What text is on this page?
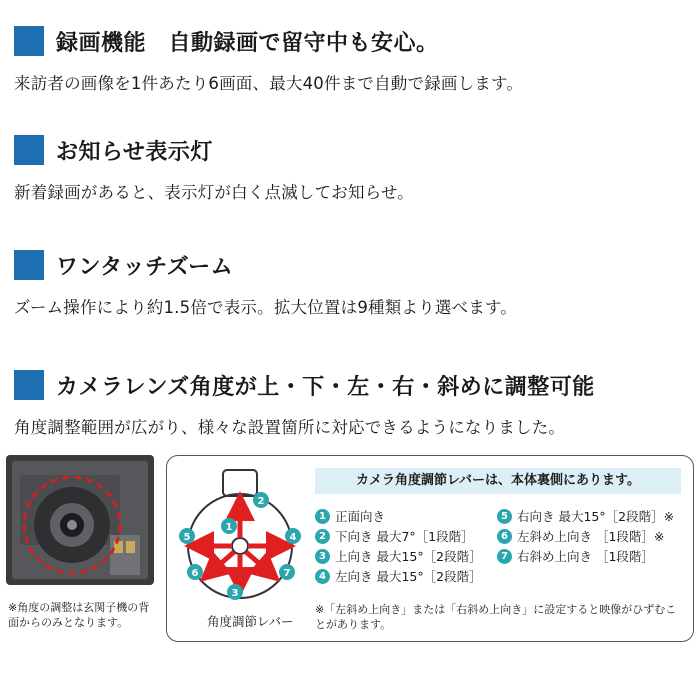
録画機能　自動録画で留守中も安心。
来訪者の画像を1件あたり6画面、最大40件まで自動で録画します。
お知らせ表示灯
新着録画があると、表示灯が白く点滅してお知らせ。
ワンタッチズーム
ズーム操作により約1.5倍で表示。拡大位置は9種類より選べます。
カメラレンズ角度が上・下・左・右・斜めに調整可能
角度調整範囲が広がり、様々な設置箇所に対応できるようになりました。
※角度の調整は玄関子機の背面からのみとなります。
1
2
3
4
5
6	7
角度調節レバー
カメラ角度調節レバーは、本体裏側にあります。
1 正面向き
2 下向き 最大7°［1段階］
3 上向き 最大15°［2段階］
4 左向き 最大15°［2段階］
5 右向き 最大15°［2段階］※
6 左斜め上向き ［1段階］※
7 右斜め上向き ［1段階］
※「左斜め上向き」または「右斜め上向き」に設定すると映像がひずむことがあります。
